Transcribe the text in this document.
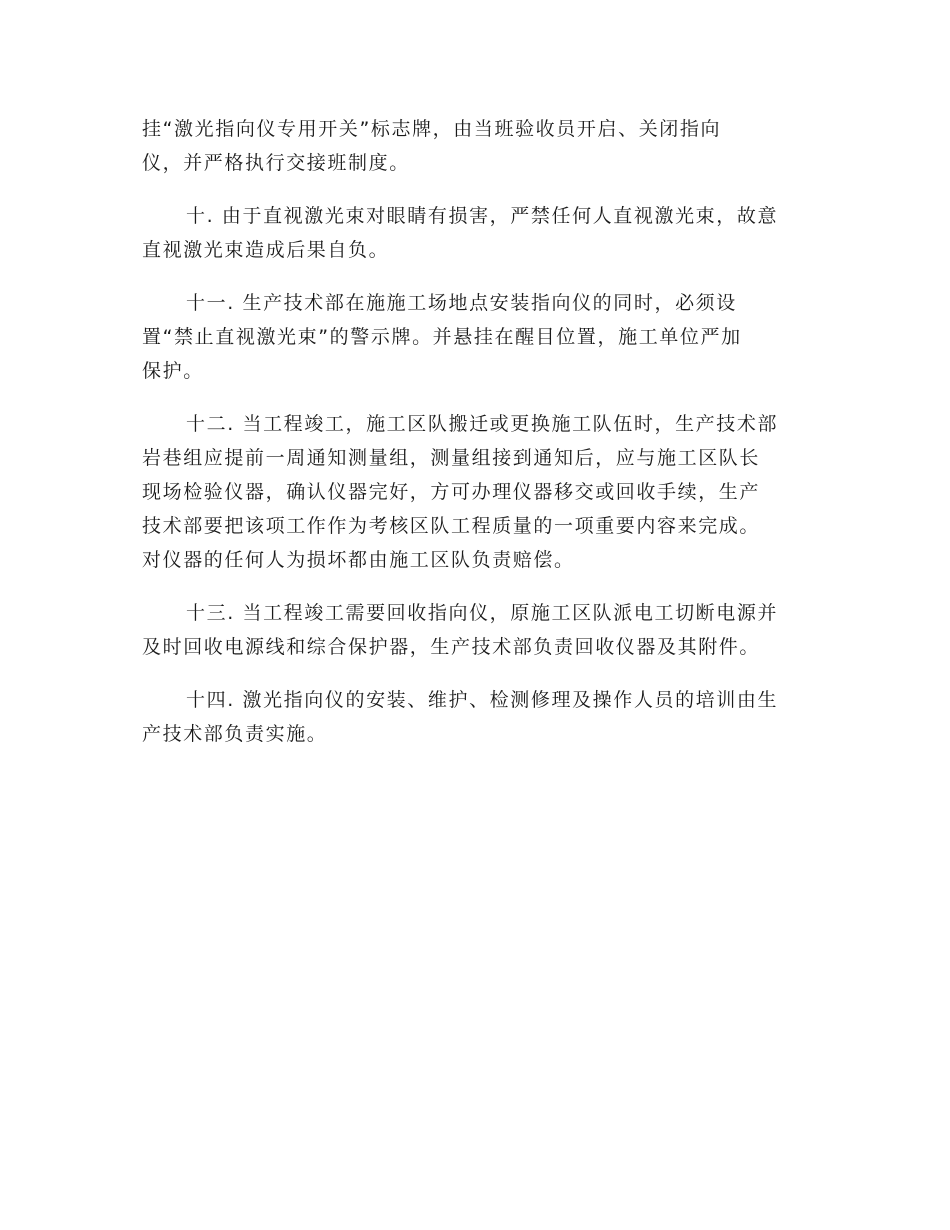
挂“激光指向仪专用开关”标志牌，由当班验收员开启、关闭指向
仪，并严格执行交接班制度。

十. 由于直视激光束对眼睛有损害，严禁任何人直视激光束，故意
直视激光束造成后果自负。

十一. 生产技术部在施施工场地点安装指向仪的同时，必须设
置“禁止直视激光束”的警示牌。并悬挂在醒目位置，施工单位严加
保护。

十二. 当工程竣工，施工区队搬迁或更换施工队伍时，生产技术部
岩巷组应提前一周通知测量组，测量组接到通知后，应与施工区队长
现场检验仪器，确认仪器完好，方可办理仪器移交或回收手续，生产
技术部要把该项工作作为考核区队工程质量的一项重要内容来完成。
对仪器的任何人为损坏都由施工区队负责赔偿。

十三. 当工程竣工需要回收指向仪，原施工区队派电工切断电源并
及时回收电源线和综合保护器，生产技术部负责回收仪器及其附件。

十四. 激光指向仪的安装、维护、检测修理及操作人员的培训由生
产技术部负责实施。
